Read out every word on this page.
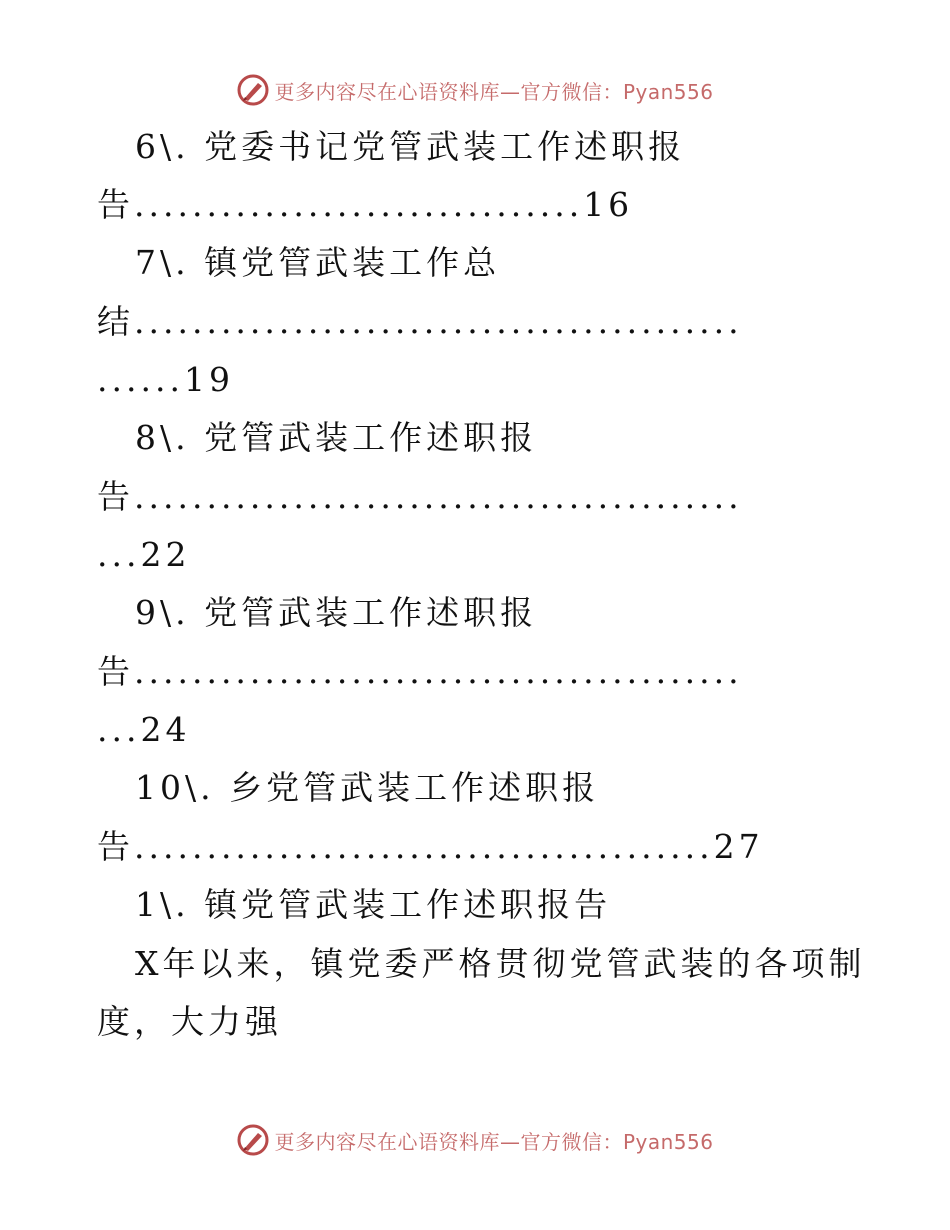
更多内容尽在心语资料库—官方微信：Pyan556
6\. 党委书记党管武装工作述职报
告...............................16
7\. 镇党管武装工作总
结..........................................
......19
8\. 党管武装工作述职报
告..........................................
...22
9\. 党管武装工作述职报
告..........................................
...24
10\. 乡党管武装工作述职报
告........................................27
1\. 镇党管武装工作述职报告
X年以来，镇党委严格贯彻党管武装的各项制
度，大力强
更多内容尽在心语资料库—官方微信：Pyan556
